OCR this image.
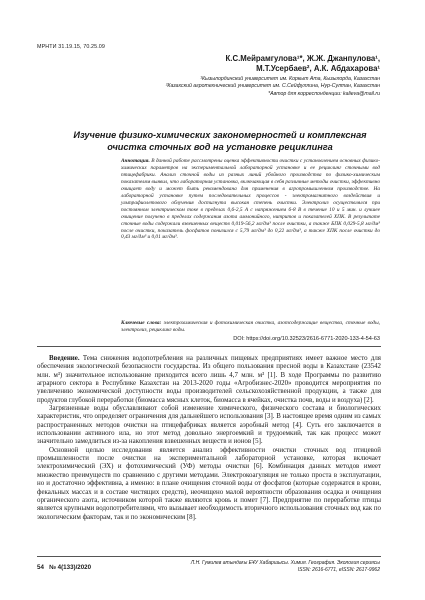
МРНТИ 31.19.15, 70.25.09
К.С.Мейрамгулова¹*, Ж.Ж. Джанпулова¹,
М.Т.Усербаев², А.К. Абдахарова¹
¹Кызылординский университет им. Коркыт Ата, Кызылорда, Казахстан
²Казахский агротехнический университет им. С.Сейфуллина, Нур-Султан, Казахстан
*Автор для корреспонденции: kalieva@mail.ru
Изучение физико-химических закономерностей и комплексная очистка сточных вод на установке рециклинга
Аннотация. В данной работе рассмотрены оценка эффективности очистки с установлением основных физико-химических параметров на экспериментальной лабораторной установке и ее рециклинг сточными вод птицефабрики. Анализ сточной воды из разных линий убойного производства по физико-химическим показателям выявил, что лабораторная установка, включающая в себя различные методы очистки, эффективно очищает воду и может быть рекомендована для применения в агропромышленном производстве. На лабораторной установке путем последовательных процессов - электромагнитного воздействия и ультрафиолетового облучения достигнута высокая степень очистки. Электролиз осуществлялся при постоянном электрическом токе в пределах 0,6-2,5 А с напряжением 6-8 В в течение 10 и 5 мин. и лучшее очищение получено в пределах содержания азота аммонийного, нитритов и показателей ХПК. В результате сточные воды содержали взвешенных веществ 0,019-56,2 мг/дм³ после очистки, а также БПК 0,029-5,8 мг/дм³ после очистки, показатель фосфатов понизился с 5,79 мг/дм³ до 0,22 мг/дм³, а также ХПК после очистки до 0,43 мг/дм³ и 0,01 мг/дм³.
Ключевые слова: электрохимическая и фотохимическая очистка, азотсодержащие вещества, сточные воды, электролиз, рециклинг воды.
DOI: https://doi.org/10.32523/2616-6771-2020-133-4-54-63

Введение. Тема снижения водопотребления на различных пищевых предприятиях имеет важное место для обеспечения экологической безопасности государства. Из общего пользования пресной воды в Казахстане (23542 млн. м³) значительное использование приходится всего лишь 4,7 млн. м³ [1]. В ходе Программы по развитию аграрного сектора в Республике Казахстан на 2013-2020 годы «Агробизнес-2020» проводится мероприятия по увеличению экономической доступности воды производителей сельскохозяйственной продукции, а также для продуктов глубокой переработки (биомасса мясных клеток, биомасса в ячейках, очистка почв, воды и воздуха) [2].

Загрязненные воды обуславливают собой изменение химического, физического состава и биологических характеристик, что определяет ограничения для дальнейшего использования [3]. В настоящее время одним из самых распространенных методов очистки на птицефабриках является аэробный метод [4]. Суть его заключается в использовании активного ила, но этот метод довольно энергоемкий и трудоемкий, так как процесс может значительно замедлиться из-за накопления взвешенных веществ и ионов [5].

Основной целью исследования является анализ эффективности очистки сточных вод птицевой промышленности после очистки на экспериментальной лабораторной установке, которая включает электрохимический (ЭХ) и фотохимический (УФ) методы очистки [6]. Комбинация данных методов имеет множество преимуществ по сравнению с другими методами. Электрокоагуляция не только проста в эксплуатации, но и достаточно эффективна, а именно: в плане очищения сточной воды от фосфатов (которые содержатся в крови, фекальных массах и в составе чистящих средств), неочищено малой вероятности образования осадка и очищения органического азота, источником которой также являются кровь и помет [7]. Предприятие по переработке птицы является крупными водопотребителями, что вызывает необходимость вторичного использования сточных вод как по экологическим факторам, так и по экономическим [8].

54 № 4(133)/2020
Л.Н. Гумилев атындағы ЕҰУ Хабаршысы. Химия. География. Экология сериясы
ISSN: 2616-6771, eISSN: 2617-9962
